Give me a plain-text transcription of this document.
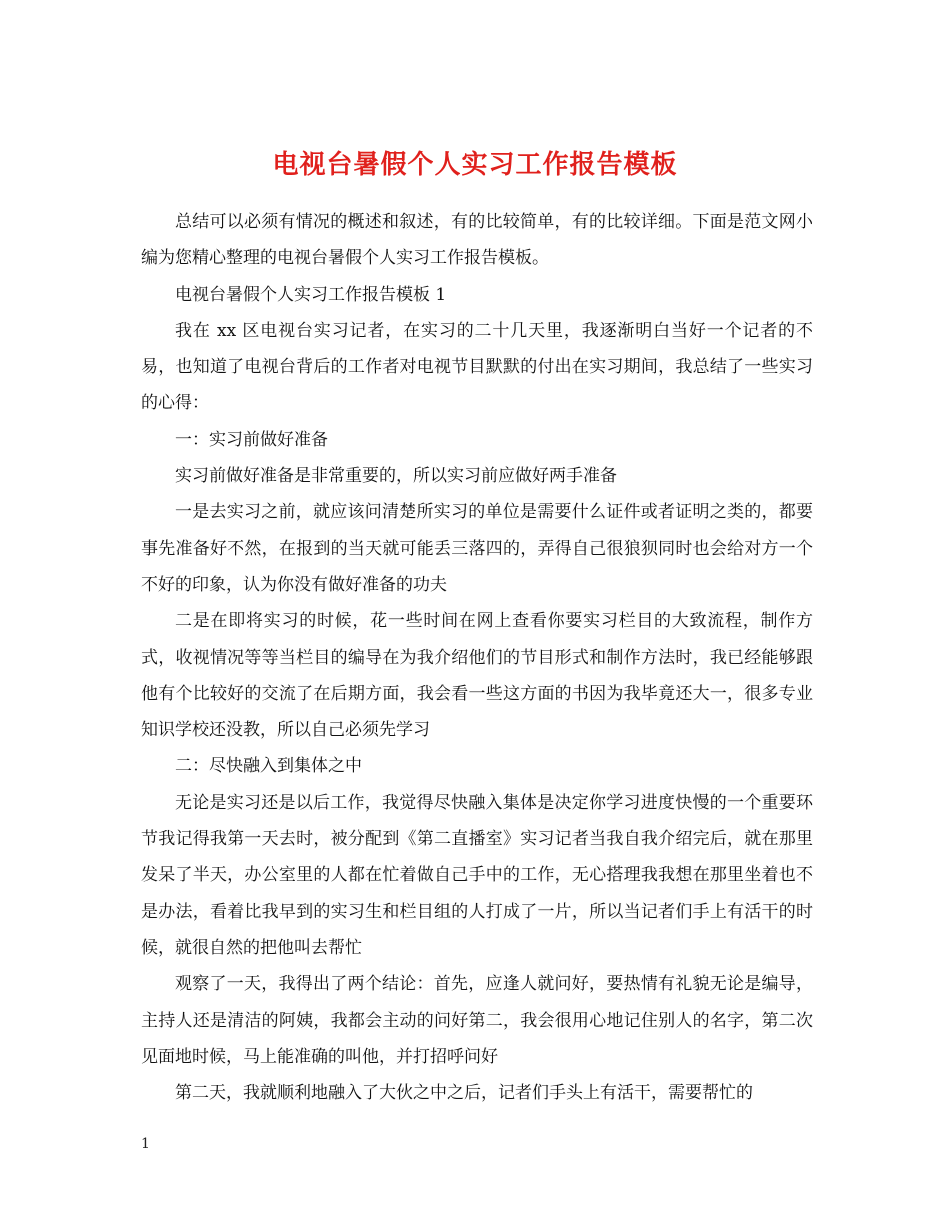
电视台暑假个人实习工作报告模板

总结可以必须有情况的概述和叙述，有的比较简单，有的比较详细。下面是范文网小编为您精心整理的电视台暑假个人实习工作报告模板。

电视台暑假个人实习工作报告模板 1

我在 xx 区电视台实习记者，在实习的二十几天里，我逐渐明白当好一个记者的不易，也知道了电视台背后的工作者对电视节目默默的付出在实习期间，我总结了一些实习的心得：

一：实习前做好准备

实习前做好准备是非常重要的，所以实习前应做好两手准备

一是去实习之前，就应该问清楚所实习的单位是需要什么证件或者证明之类的，都要事先准备好不然，在报到的当天就可能丢三落四的，弄得自己很狼狈同时也会给对方一个不好的印象，认为你没有做好准备的功夫

二是在即将实习的时候，花一些时间在网上查看你要实习栏目的大致流程，制作方式，收视情况等等当栏目的编导在为我介绍他们的节目形式和制作方法时，我已经能够跟他有个比较好的交流了在后期方面，我会看一些这方面的书因为我毕竟还大一，很多专业知识学校还没教，所以自己必须先学习

二：尽快融入到集体之中

无论是实习还是以后工作，我觉得尽快融入集体是决定你学习进度快慢的一个重要环节我记得我第一天去时，被分配到《第二直播室》实习记者当我自我介绍完后，就在那里发呆了半天，办公室里的人都在忙着做自己手中的工作，无心搭理我我想在那里坐着也不是办法，看着比我早到的实习生和栏目组的人打成了一片，所以当记者们手上有活干的时候，就很自然的把他叫去帮忙

观察了一天，我得出了两个结论：首先，应逢人就问好，要热情有礼貌无论是编导，主持人还是清洁的阿姨，我都会主动的问好第二，我会很用心地记住别人的名字，第二次见面地时候，马上能准确的叫他，并打招呼问好

第二天，我就顺利地融入了大伙之中之后，记者们手头上有活干，需要帮忙的

1
